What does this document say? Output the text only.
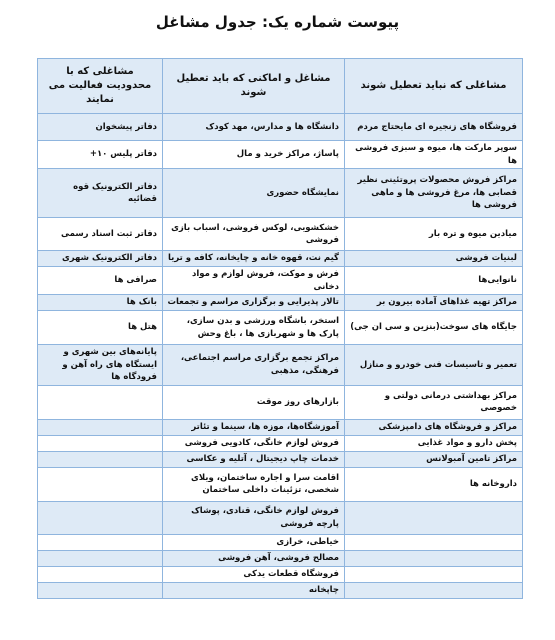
پیوست شماره یک: جدول مشاغل
مشاغلی که نباید تعطیل شوند	مشاغل و اماکنی که باید تعطیل شوند	مشاغلی که با محدودیت فعالیت می نمایند
فروشگاه های زنجیره ای مایحتاج مردم	دانشگاه ها و مدارس، مهد کودک	دفاتر پیشخوان
سوپر مارکت ها، میوه و سبزی فروشی ها	پاساژ، مراکز خرید و مال	دفاتر پلیس ۱۰+
مراکز فروش محصولات پروتئینی نظیر قصابی ها، مرغ فروشی ها و ماهی فروشی ها	نمایشگاه حضوری	دفاتر الکترونیک قوه قضائیه
میادین میوه و تره بار	خشکشویی، لوکس فروشی، اسباب بازی فروشی	دفاتر ثبت اسناد رسمی
لبنیات فروشی	گیم نت، قهوه خانه و چایخانه، کافه و تریا	دفاتر الکترونیک شهری
نانوایی‌ها	فرش و موکت، فروش لوازم و مواد دخانی	صرافی ها
مراکز تهیه غذاهای آماده بیرون بر	تالار پذیرایی و برگزاری مراسم و تجمعات	بانک ها
جایگاه های سوخت(بنزین و سی ان جی)	استخر، باشگاه ورزشی و بدن سازی، پارک ها و شهربازی ها ، باغ وحش	هتل ها
تعمیر و تاسیسات فنی خودرو و منازل	مراکز تجمع برگزاری مراسم اجتماعی، فرهنگی، مذهبی	پایانه‌های بین شهری و ایستگاه های راه آهن و فرودگاه ها
مراکز بهداشتی درمانی دولتی و خصوصی	بازارهای روز موقت	
مراکز و فروشگاه های دامپزشکی	آموزشگاه‌ها، موزه ها، سینما و تئاتر	
پخش دارو و مواد غذایی	فروش لوازم خانگی، کادویی فروشی	
مراکز تامین آمبولانس	خدمات چاپ دیجیتال ، آتلیه و عکاسی	
داروخانه ها	اقامت سرا و اجاره ساختمان، ویلای شخصی، تزئینات داخلی ساختمان	
	فروش لوازم خانگی، قنادی، پوشاک پارچه فروشی	
	خیاطی، خرازی	
	مصالح فروشی، آهن فروشی	
	فروشگاه قطعات یدکی	
	چاپخانه	
